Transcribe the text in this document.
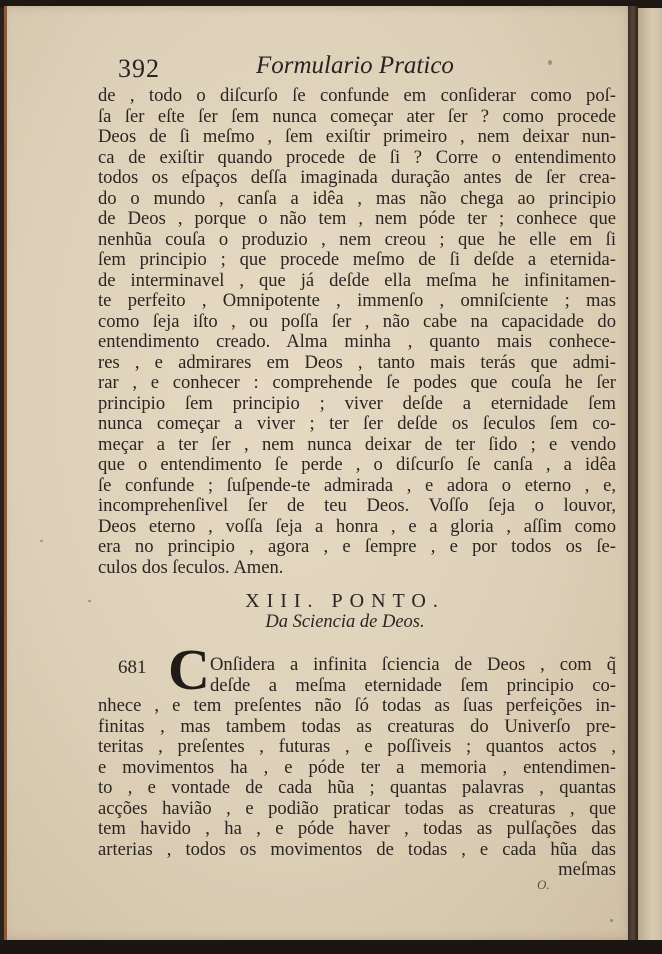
392	Formulario Pratico
de , todo o diſcurſo ſe confunde em conſiderar como poſ-
ſa ſer eſte ſer ſem nunca começar ater ſer ? como procede
Deos de ſi meſmo , ſem exiſtir primeiro , nem deixar nun-
ca de exiſtir quando procede de ſi ? Corre o entendimento
todos os eſpaços deſſa imaginada duração antes de ſer crea-
do o mundo , canſa a idêa , mas não chega ao principio
de Deos , porque o não tem , nem póde ter ; conhece que
nenhũa couſa o produzio , nem creou ; que he elle em ſi
ſem principio ; que procede meſmo de ſi deſde a eternida-
de interminavel , que já deſde ella meſma he infinitamen-
te perfeito , Omnipotente , immenſo , omniſciente ; mas
como ſeja iſto , ou poſſa ſer , não cabe na capacidade do
entendimento creado. Alma minha , quanto mais conhece-
res , e admirares em Deos , tanto mais terás que admi-
rar , e conhecer : comprehende ſe podes que couſa he ſer
principio ſem principio ; viver deſde a eternidade ſem
nunca começar a viver ; ter ſer deſde os ſeculos ſem co-
meçar a ter ſer , nem nunca deixar de ter ſido ; e vendo
que o entendimento ſe perde , o diſcurſo ſe canſa , a idêa
ſe confunde ; ſuſpende-te admirada , e adora o eterno , e,
incomprehenſivel ſer de teu Deos. Voſſo ſeja o louvor,
Deos eterno , voſſa ſeja a honra , e a gloria , aſſim como
era no principio , agora , e ſempre , e por todos os ſe-
culos dos ſeculos. Amen.
XIII. PONTO.
Da Sciencia de Deos.
681 C Onſidera a infinita ſciencia de Deos , com q̃
deſde a meſma eternidade ſem principio co-
nhece , e tem preſentes não ſó todas as ſuas perfeições in-
finitas , mas tambem todas as creaturas do Univerſo pre-
teritas , preſentes , futuras , e poſſiveis ; quantos actos ,
e movimentos ha , e póde ter a memoria , entendimen-
to , e vontade de cada hũa ; quantas palavras , quantas
acções havião , e podião praticar todas as creaturas , que
tem havido , ha , e póde haver , todas as pulſações das
arterias , todos os movimentos de todas , e cada hũa das
meſmas
O.
